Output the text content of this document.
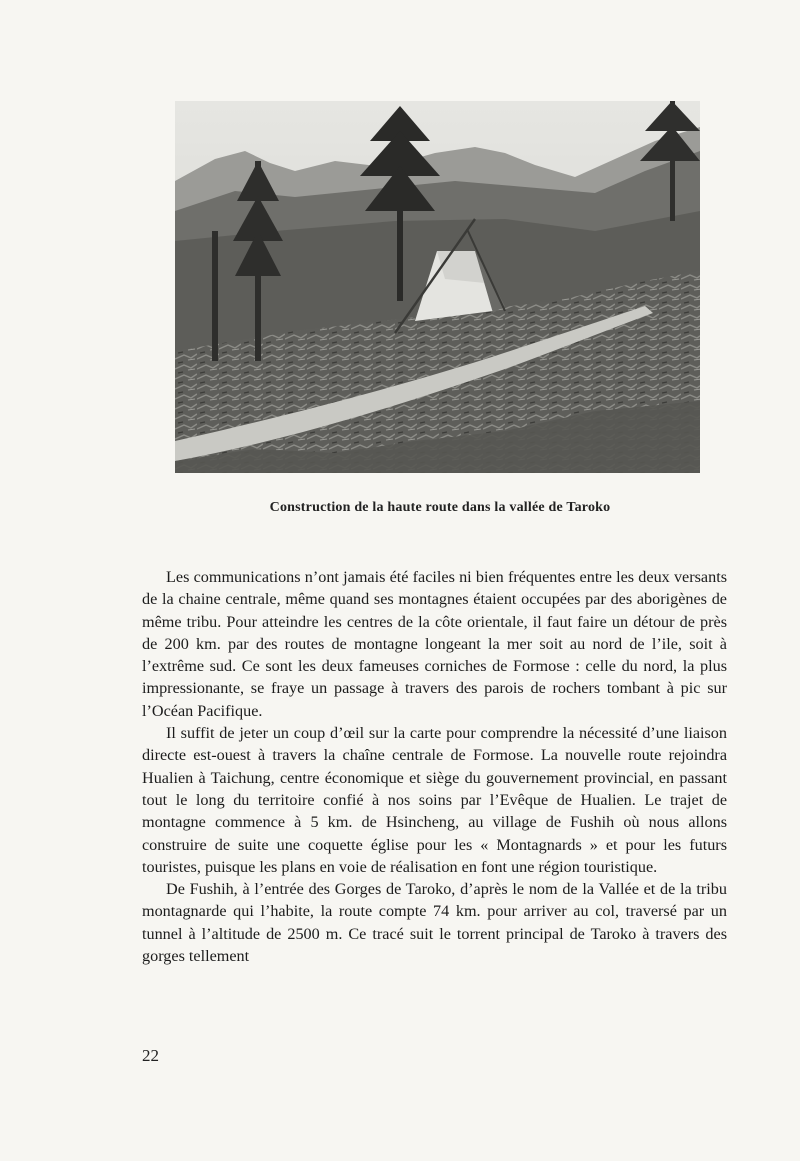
Construction de la haute route dans la vallée de Taroko

Les communications n’ont jamais été faciles ni bien fréquentes entre les deux versants de la chaine centrale, même quand ses montagnes étaient occupées par des aborigènes de même tribu. Pour atteindre les centres de la côte orientale, il faut faire un détour de près de 200 km. par des routes de montagne longeant la mer soit au nord de l’ile, soit à l’extrême sud. Ce sont les deux fameuses corniches de Formose : celle du nord, la plus impressionante, se fraye un passage à travers des parois de rochers tombant à pic sur l’Océan Pacifique.

Il suffit de jeter un coup d’œil sur la carte pour comprendre la nécessité d’une liaison directe est-ouest à travers la chaîne centrale de Formose. La nouvelle route rejoindra Hualien à Taichung, centre économique et siège du gouvernement provincial, en passant tout le long du territoire confié à nos soins par l’Evêque de Hualien. Le trajet de montagne commence à 5 km. de Hsincheng, au village de Fushih où nous allons construire de suite une coquette église pour les « Montagnards » et pour les futurs touristes, puisque les plans en voie de réalisation en font une région touristique.

De Fushih, à l’entrée des Gorges de Taroko, d’après le nom de la Vallée et de la tribu montagnarde qui l’habite, la route compte 74 km. pour arriver au col, traversé par un tunnel à l’altitude de 2500 m. Ce tracé suit le torrent principal de Taroko à travers des gorges tellement

22
